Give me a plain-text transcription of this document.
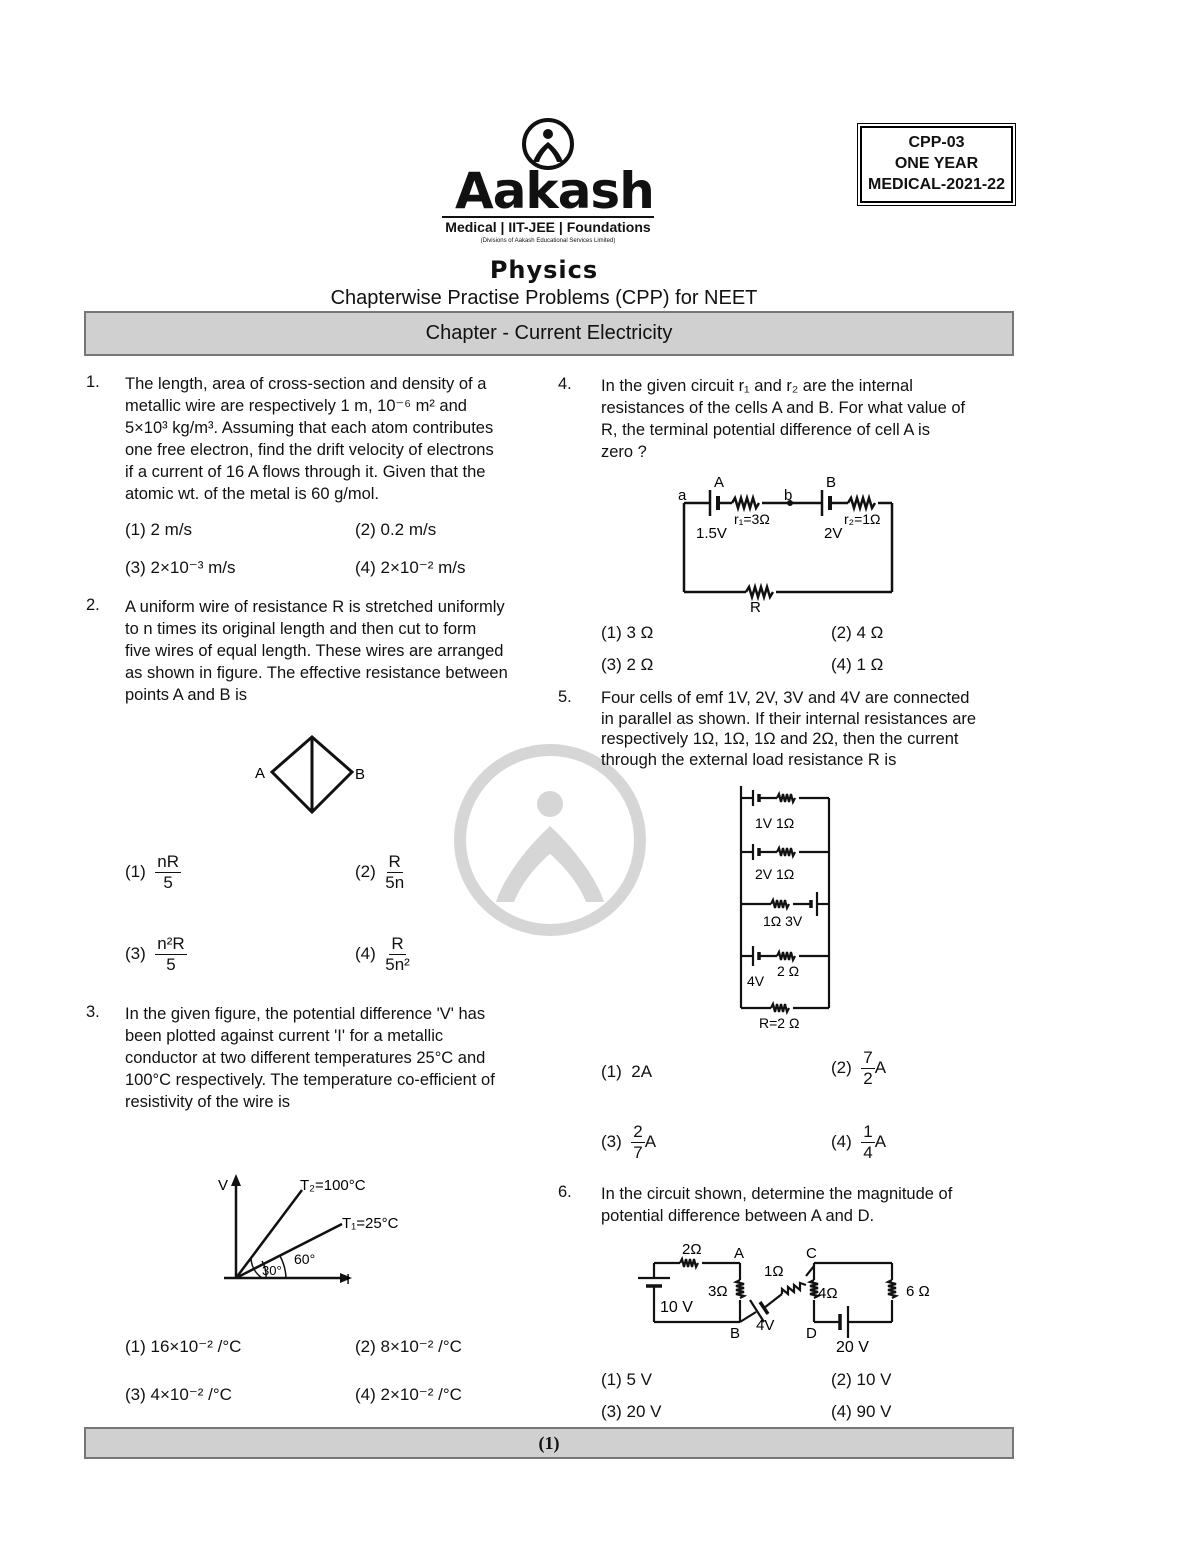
Aakash
Medical | IIT-JEE | Foundations
(Divisions of Aakash Educational Services Limited)
CPP-03
ONE YEAR
MEDICAL-2021-22
Physics
Chapterwise Practise Problems (CPP) for NEET
Chapter - Current Electricity
1. The length, area of cross-section and density of a
metallic wire are respectively 1 m, 10⁻⁶ m² and
5×10³ kg/m³. Assuming that each atom contributes
one free electron, find the drift velocity of electrons
if a current of 16 A flows through it. Given that the
atomic wt. of the metal is 60 g/mol.
(1) 2 m/s	(2) 0.2 m/s
(3) 2×10⁻³ m/s	(4) 2×10⁻² m/s
2. A uniform wire of resistance R is stretched uniformly
to n times its original length and then cut to form
five wires of equal length. These wires are arranged
as shown in figure. The effective resistance between
points A and B is
A	B
$(1) \frac{nR}{5}$	$(2) \frac{R}{5n}$
$(3) \frac{\text{n²R}}{5}$	$(4) \frac{R}{\text{5n²}}$
3. In the given figure, the potential difference 'V' has
been plotted against current 'I' for a metallic
conductor at two different temperatures 25°C and
100°C respectively. The temperature co-efficient of
resistivity of the wire is
V
I
T₂=100°C
T₁=25°C
30°
60°
(1) 16×10⁻² /°C	(2) 8×10⁻² /°C
(3) 4×10⁻² /°C	(4) 2×10⁻² /°C
4. In the given circuit r₁ and r₂ are the internal
resistances of the cells A and B. For what value of
R, the terminal potential difference of cell A is
zero ?
a
A
b
B
r₁=3Ω	r₂=1Ω
1.5V	2V
R
(1) 3 Ω	(2) 4 Ω
(3) 2 Ω	(4) 1 Ω
5. Four cells of emf 1V, 2V, 3V and 4V are connected
in parallel as shown. If their internal resistances are
respectively 1Ω, 1Ω, 1Ω and 2Ω, then the current
through the external load resistance R is
1V 1Ω
2V 1Ω
1Ω 3V
4V
2 Ω
R=2 Ω
(1) 2A	$(2) \frac{7}{2}$ A
$(3) \frac{2}{7}$ A	$(4) \frac{1}{4}$ A
6. In the circuit shown, determine the magnitude of
potential difference between A and D.
2Ω A
1Ω
C
3Ω	4Ω	6 Ω
10 V
B 4V D
20 V
(1) 5 V	(2) 10 V
(3) 20 V	(4) 90 V
(1)
